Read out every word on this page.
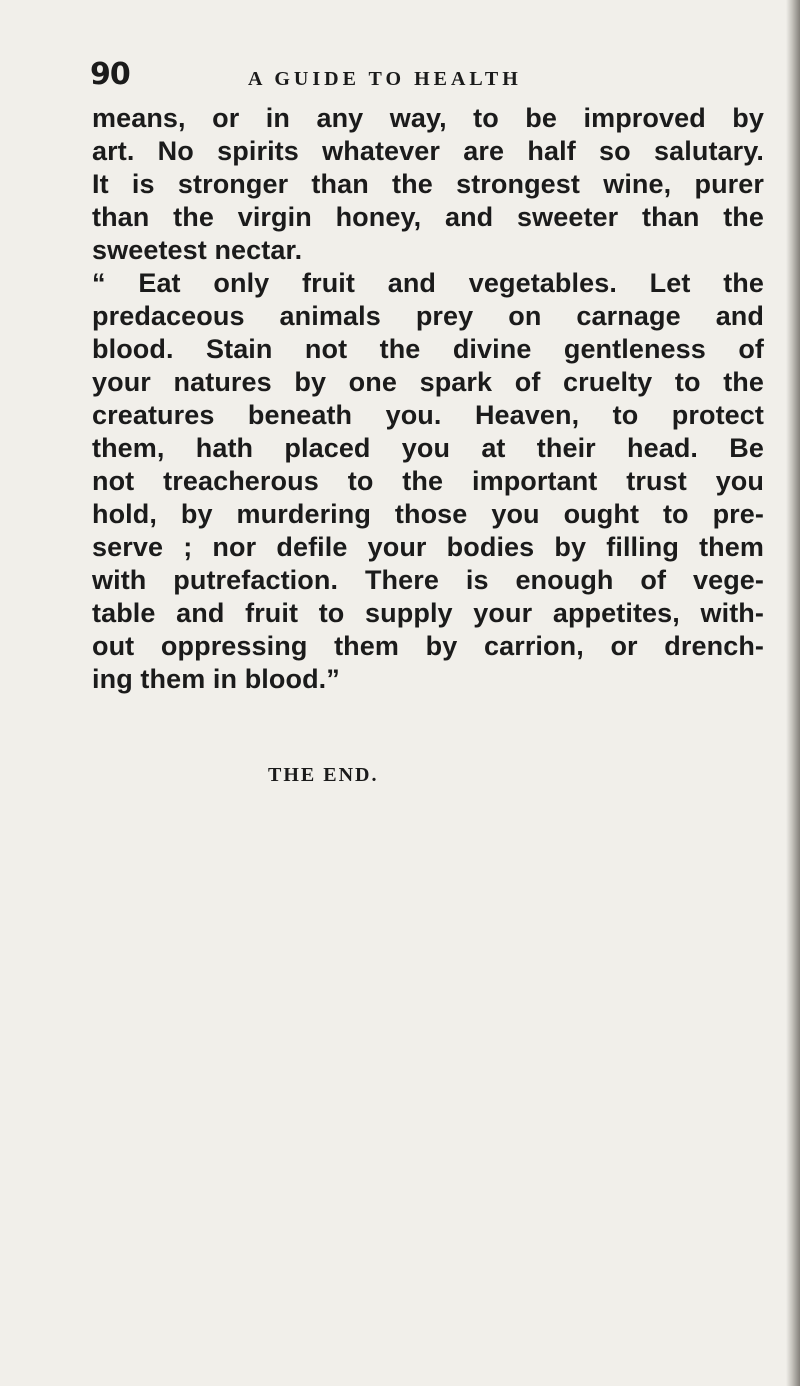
90	A GUIDE TO HEALTH
means, or in any way, to be improved by
art. No spirits whatever are half so salutary.
It is stronger than the strongest wine, purer
than the virgin honey, and sweeter than the
sweetest nectar.
“ Eat only fruit and vegetables. Let the
predaceous animals prey on carnage and
blood. Stain not the divine gentleness of
your natures by one spark of cruelty to the
creatures beneath you. Heaven, to protect
them, hath placed you at their head. Be
not treacherous to the important trust you
hold, by murdering those you ought to pre-
serve ; nor defile your bodies by filling them
with putrefaction. There is enough of vege-
table and fruit to supply your appetites, with-
out oppressing them by carrion, or drench-
ing them in blood.”
THE END.
